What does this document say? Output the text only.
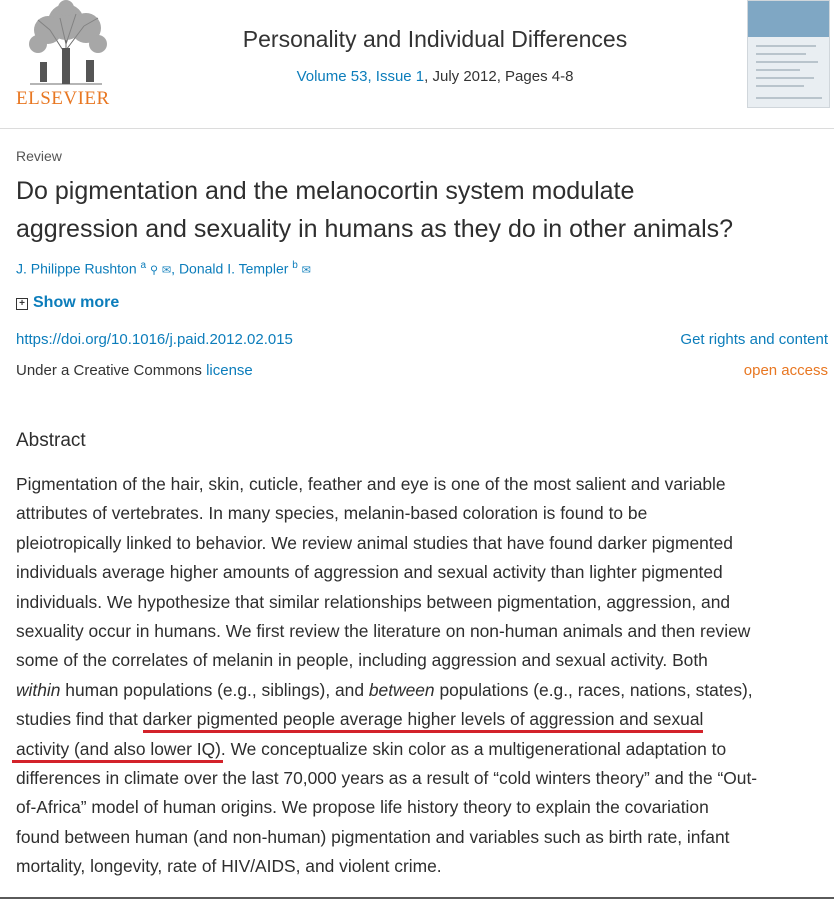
ELSEVIER
Personality and Individual Differences
Volume 53, Issue 1, July 2012, Pages 4-8
Review
Do pigmentation and the melanocortin system modulate
aggression and sexuality in humans as they do in other animals?
J. Philippe Rushton $^a$ ⚲ ✉, Donald I. Templer $^b$ ✉
+ Show more
https://doi.org/10.1016/j.paid.2012.02.015	Get rights and content
Under a Creative Commons license	open access
Abstract
Pigmentation of the hair, skin, cuticle, feather and eye is one of the most salient and variable
attributes of vertebrates. In many species, melanin-based coloration is found to be
pleiotropically linked to behavior. We review animal studies that have found darker pigmented
individuals average higher amounts of aggression and sexual activity than lighter pigmented
individuals. We hypothesize that similar relationships between pigmentation, aggression, and
sexuality occur in humans. We first review the literature on non-human animals and then review
some of the correlates of melanin in people, including aggression and sexual activity. Both
within human populations (e.g., siblings), and between populations (e.g., races, nations, states),
studies find that darker pigmented people average higher levels of aggression and sexual
activity (and also lower IQ)
. We conceptualize skin color as a multigenerational adaptation to
differences in climate over the last 70,000 years as a result of “cold winters theory” and the “Out-
of-Africa” model of human origins. We propose life history theory to explain the covariation
found between human (and non-human) pigmentation and variables such as birth rate, infant
mortality, longevity, rate of HIV/AIDS, and violent crime.
